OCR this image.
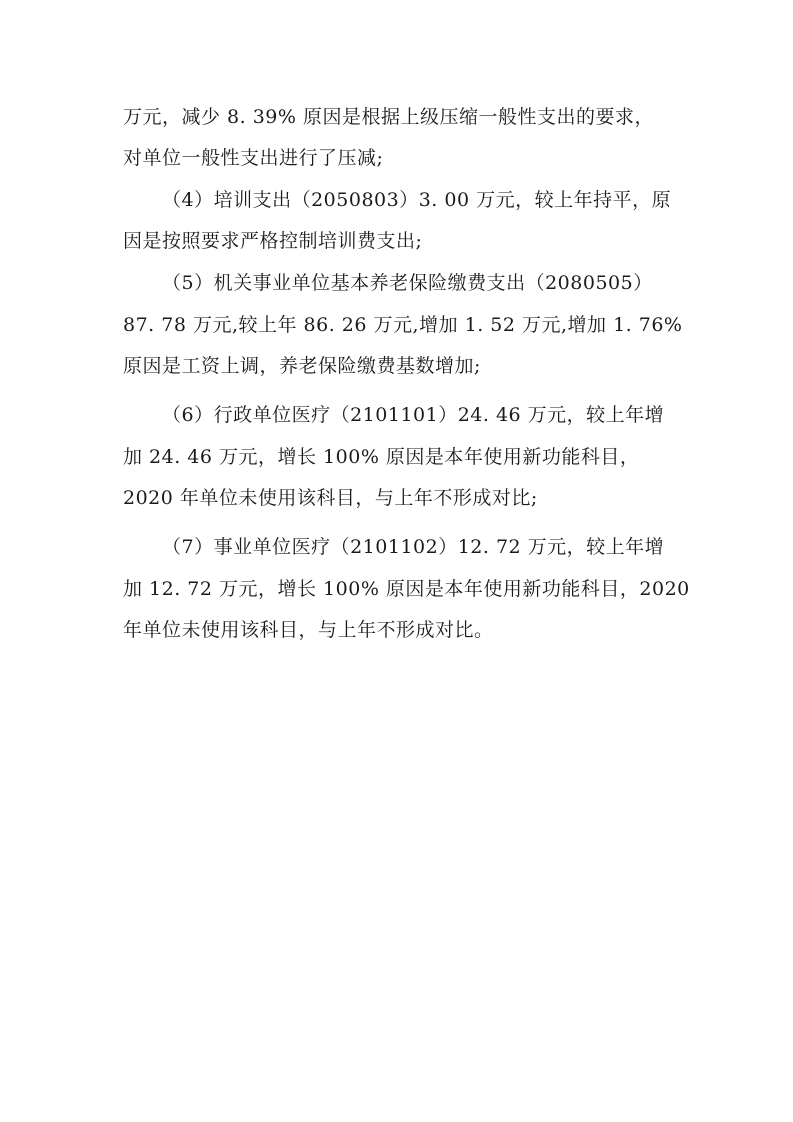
万元，减少 8. 39% 原因是根据上级压缩一般性支出的要求，
对单位一般性支出进行了压减;
（4）培训支出（2050803）3. 00 万元，较上年持平，原
因是按照要求严格控制培训费支出;
（5）机关事业单位基本养老保险缴费支出（2080505）
87. 78 万元,较上年 86. 26 万元,增加 1. 52 万元,增加 1. 76%
原因是工资上调，养老保险缴费基数增加;
（6）行政单位医疗（2101101）24. 46 万元，较上年增
加 24. 46 万元，增长 100% 原因是本年使用新功能科目，
2020 年单位未使用该科目，与上年不形成对比;
（7）事业单位医疗（2101102）12. 72 万元，较上年增
加 12. 72 万元，增长 100% 原因是本年使用新功能科目，2020
年单位未使用该科目，与上年不形成对比。
